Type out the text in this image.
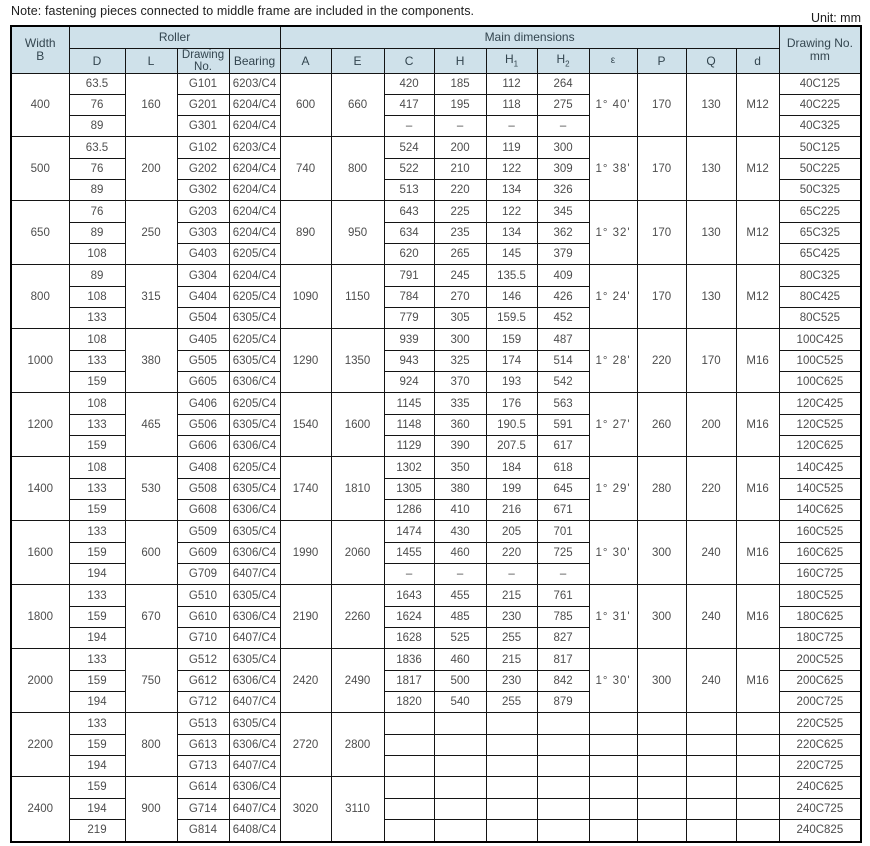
Note: fastening pieces connected to middle frame are included in the components.	Unit: mm
Width
B
	Roller	Main dimensions	Drawing No.
mm

	D	L	Drawing
No.	Bearing	A	E	C	H	$H_1$	$H_2$	ε	P	Q	d	
400	63.5	160	G101	6203/C4	600	660	420	185	112	264	1° 40'	170	130	M12	40C125
	76		G201	6204/C4			417	195	118	275					40C225
	89		G301	6204/C4			–	–	–	–					40C325
500	63.5	200	G102	6203/C4	740	800	524	200	119	300	1° 38'	170	130	M12	50C125
	76		G202	6204/C4			522	210	122	309					50C225
	89		G302	6204/C4			513	220	134	326					50C325
650	76	250	G203	6204/C4	890	950	643	225	122	345	1° 32'	170	130	M12	65C225
	89		G303	6204/C4			634	235	134	362					65C325
	108		G403	6205/C4			620	265	145	379					65C425
800	89	315	G304	6204/C4	1090	1150	791	245	135.5	409	1° 24'	170	130	M12	80C325
	108		G404	6205/C4			784	270	146	426					80C425
	133		G504	6305/C4			779	305	159.5	452					80C525
1000	108	380	G405	6205/C4	1290	1350	939	300	159	487	1° 28'	220	170	M16	100C425
	133		G505	6305/C4			943	325	174	514					100C525
	159		G605	6306/C4			924	370	193	542					100C625
1200	108	465	G406	6205/C4	1540	1600	1145	335	176	563	1° 27'	260	200	M16	120C425
	133		G506	6305/C4			1148	360	190.5	591					120C525
	159		G606	6306/C4			1129	390	207.5	617					120C625
1400	108	530	G408	6205/C4	1740	1810	1302	350	184	618	1° 29'	280	220	M16	140C425
	133		G508	6305/C4			1305	380	199	645					140C525
	159		G608	6306/C4			1286	410	216	671					140C625
1600	133	600	G509	6305/C4	1990	2060	1474	430	205	701	1° 30'	300	240	M16	160C525
	159		G609	6306/C4			1455	460	220	725					160C625
	194		G709	6407/C4			–	–	–	–					160C725
1800	133	670	G510	6305/C4	2190	2260	1643	455	215	761	1° 31'	300	240	M16	180C525
	159		G610	6306/C4			1624	485	230	785					180C625
	194		G710	6407/C4			1628	525	255	827					180C725
2000	133	750	G512	6305/C4	2420	2490	1836	460	215	817	1° 30'	300	240	M16	200C525
	159		G612	6306/C4			1817	500	230	842					200C625
	194		G712	6407/C4			1820	540	255	879					200C725
2200	133	800	G513	6305/C4	2720	2800									220C525
	159		G613	6306/C4											220C625
	194		G713	6407/C4											220C725
2400	159	900	G614	6306/C4	3020	3110									240C625
	194		G714	6407/C4											240C725
	219		G814	6408/C4											240C825
